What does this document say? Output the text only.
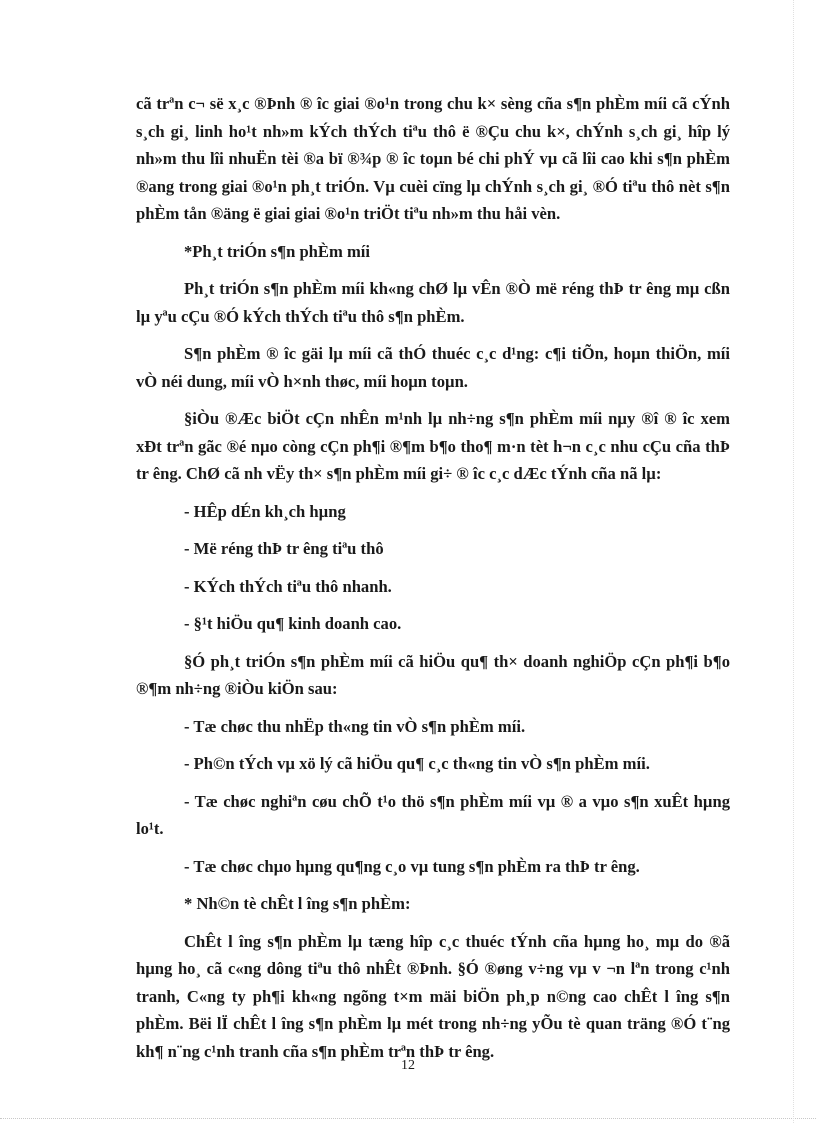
cã trªn c¬ së x¸c ®Þnh ® îc giai ®o¹n trong chu k× sèng cña s¶n phÈm míi cã cÝnh s¸ch gi¸ linh ho¹t nh»m kÝch thÝch tiªu thô ë ®Çu chu k×, chÝnh s¸ch gi¸ hîp lý nh»m thu lîi nhuËn tèi ®a bï ®¾p ® îc toµn bé chi phÝ vµ cã lîi cao khi s¶n phÈm ®ang trong giai ®o¹n ph¸t triÓn. Vµ cuèi cïng lµ chÝnh s¸ch gi¸ ®Ó tiªu thô nèt s¶n phÈm tån ®äng ë giai giai ®o¹n triÖt tiªu nh»m thu håi vèn.

*Ph¸t triÓn s¶n phÈm míi

Ph¸t triÓn s¶n phÈm míi kh«ng chØ lµ vÊn ®Ò më réng thÞ tr êng mµ cßn lµ yªu cÇu ®Ó kÝch thÝch tiªu thô s¶n phÈm.

S¶n phÈm ® îc gäi lµ míi cã thÓ thuéc c¸c d¹ng: c¶i tiÕn, hoµn thiÖn, míi vÒ néi dung, míi vÒ h×nh thøc, míi hoµn toµn.

§iÒu ®Æc biÖt cÇn nhÊn m¹nh lµ nh÷ng s¶n phÈm míi nµy ®î ® îc xem xÐt trªn gãc ®é nµo còng cÇn ph¶i ®¶m b¶o tho¶ m·n tèt h¬n c¸c nhu cÇu cña thÞ tr êng. ChØ cã nh vËy th× s¶n phÈm míi gi÷ ® îc c¸c dÆc tÝnh cña nã lµ:

- HÊp dÉn kh¸ch hµng

- Më réng thÞ tr êng tiªu thô

- KÝch thÝch tiªu thô nhanh.

- §¹t hiÖu qu¶ kinh doanh cao.

§Ó ph¸t triÓn s¶n phÈm míi cã hiÖu qu¶ th× doanh nghiÖp cÇn ph¶i b¶o ®¶m nh÷ng ®iÒu kiÖn sau:

- Tæ chøc thu nhËp th«ng tin vÒ s¶n phÈm míi.

- Ph©n tÝch vµ xö lý cã hiÖu qu¶ c¸c th«ng tin vÒ s¶n phÈm míi.

- Tæ chøc nghiªn cøu chÕ t¹o thö s¶n phÈm míi vµ ® a vµo s¶n xuÊt hµng lo¹t.

- Tæ chøc chµo hµng qu¶ng c¸o vµ tung s¶n phÈm ra thÞ tr êng.

* Nh©n tè chÊt l îng s¶n phÈm:

ChÊt l îng s¶n phÈm lµ tæng hîp c¸c thuéc tÝnh cña hµng ho¸ mµ do ®ã hµng ho¸ cã c«ng dông tiªu thô nhÊt ®Þnh. §Ó ®øng v÷ng vµ v ¬n lªn trong c¹nh tranh, C«ng ty ph¶i kh«ng ngõng t×m mäi biÖn ph¸p n©ng cao chÊt l îng s¶n phÈm. Bëi lÏ chÊt l îng s¶n phÈm lµ mét trong nh÷ng yÕu tè quan träng ®Ó t¨ng kh¶ n¨ng c¹nh tranh cña s¶n phÈm trªn thÞ tr êng.

12
